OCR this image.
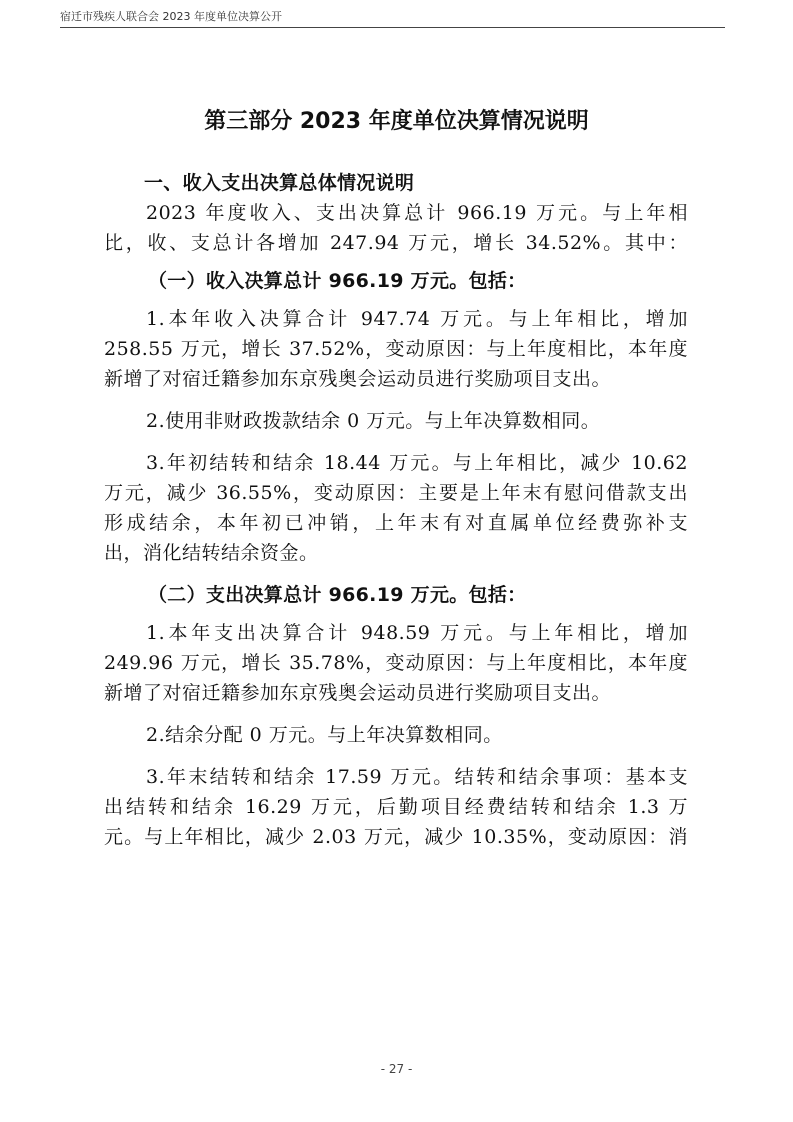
宿迁市残疾人联合会 2023 年度单位决算公开
第三部分 2023 年度单位决算情况说明
一、收入支出决算总体情况说明
2023 年度收入、支出决算总计 966.19 万元。与上年相
比，收、支总计各增加 247.94 万元，增长 34.52%。其中：
（一）收入决算总计 966.19 万元。包括：
1.本年收入决算合计 947.74 万元。与上年相比，增加
258.55 万元，增长 37.52%，变动原因：与上年度相比，本年度
新增了对宿迁籍参加东京残奥会运动员进行奖励项目支出。
2.使用非财政拨款结余 0 万元。与上年决算数相同。
3.年初结转和结余 18.44 万元。与上年相比，减少 10.62
万元，减少 36.55%，变动原因：主要是上年末有慰问借款支出
形成结余，本年初已冲销，上年末有对直属单位经费弥补支
出，消化结转结余资金。
（二）支出决算总计 966.19 万元。包括：
1.本年支出决算合计 948.59 万元。与上年相比，增加
249.96 万元，增长 35.78%，变动原因：与上年度相比，本年度
新增了对宿迁籍参加东京残奥会运动员进行奖励项目支出。
2.结余分配 0 万元。与上年决算数相同。
3.年末结转和结余 17.59 万元。结转和结余事项：基本支
出结转和结余 16.29 万元，后勤项目经费结转和结余 1.3 万
元。与上年相比，减少 2.03 万元，减少 10.35%，变动原因：消
- 27 -
